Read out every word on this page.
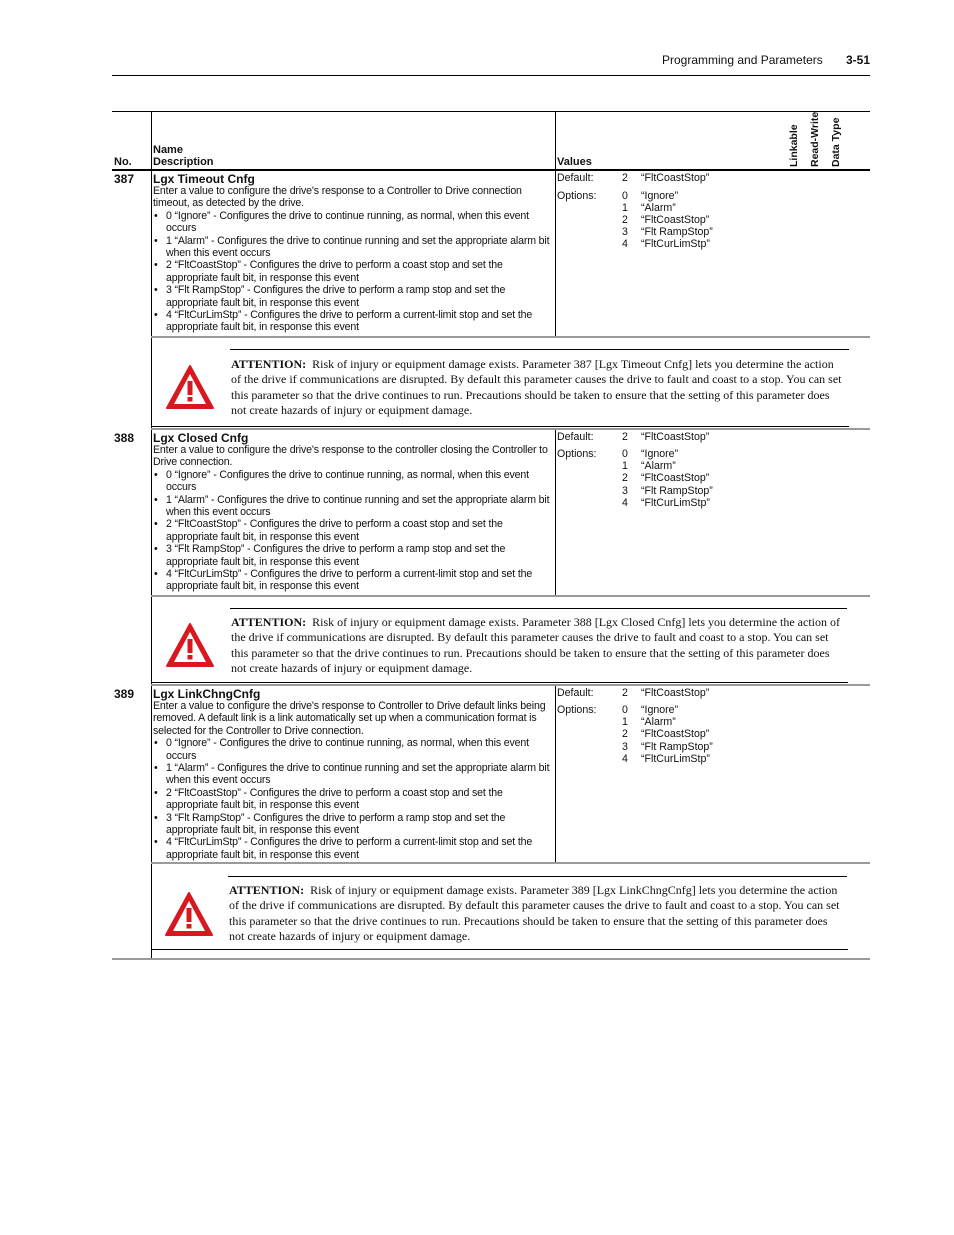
Programming and Parameters 3-51
No.
Name
Description	Values	Linkable Read-Write Data Type
387 Lgx Timeout Cnfg

Enter a value to configure the drive's response to a Controller to Drive connection timeout, as detected by the drive.

• 0 “Ignore” - Configures the drive to continue running, as normal, when this event occurs
• 1 “Alarm” - Configures the drive to continue running and set the appropriate alarm bit when this event occurs
• 2 “FltCoastStop” - Configures the drive to perform a coast stop and set the appropriate fault bit, in response this event
• 3 “Flt RampStop” - Configures the drive to perform a ramp stop and set the appropriate fault bit, in response this event
• 4 “FltCurLimStp” - Configures the drive to perform a current-limit stop and set the appropriate fault bit, in response this event
Default:	2 “FltCoastStop”
Options: 0 “Ignore”
1 “Alarm”
2 “FltCoastStop”
3 “Flt RampStop”
4 “FltCurLimStp”
ATTENTION: Risk of injury or equipment damage exists. Parameter 387 [Lgx Timeout Cnfg] lets you determine the action of the drive if communications are disrupted. By default this parameter causes the drive to fault and coast to a stop. You can set this parameter so that the drive continues to run. Precautions should be taken to ensure that the setting of this parameter does not create hazards of injury or equipment damage.
388 Lgx Closed Cnfg

Enter a value to configure the drive's response to the controller closing the Controller to Drive connection.

• 0 “Ignore” - Configures the drive to continue running, as normal, when this event occurs
• 1 “Alarm” - Configures the drive to continue running and set the appropriate alarm bit when this event occurs
• 2 “FltCoastStop” - Configures the drive to perform a coast stop and set the appropriate fault bit, in response this event
• 3 “Flt RampStop” - Configures the drive to perform a ramp stop and set the appropriate fault bit, in response this event
• 4 “FltCurLimStp” - Configures the drive to perform a current-limit stop and set the appropriate fault bit, in response this event
Default:	2 “FltCoastStop”
Options: 0 “Ignore”
1 “Alarm”
2 “FltCoastStop”
3 “Flt RampStop”
4 “FltCurLimStp”
ATTENTION: Risk of injury or equipment damage exists. Parameter 388 [Lgx Closed Cnfg] lets you determine the action of the drive if communications are disrupted. By default this parameter causes the drive to fault and coast to a stop. You can set this parameter so that the drive continues to run. Precautions should be taken to ensure that the setting of this parameter does not create hazards of injury or equipment damage.
389 Lgx LinkChngCnfg

Enter a value to configure the drive's response to Controller to Drive default links being removed. A default link is a link automatically set up when a communication format is selected for the Controller to Drive connection.

• 0 “Ignore” - Configures the drive to continue running, as normal, when this event occurs
• 1 “Alarm” - Configures the drive to continue running and set the appropriate alarm bit when this event occurs
• 2 “FltCoastStop” - Configures the drive to perform a coast stop and set the appropriate fault bit, in response this event
• 3 “Flt RampStop” - Configures the drive to perform a ramp stop and set the appropriate fault bit, in response this event
• 4 “FltCurLimStp” - Configures the drive to perform a current-limit stop and set the appropriate fault bit, in response this event
Default:	2 “FltCoastStop”
Options: 0 “Ignore”
1 “Alarm”
2 “FltCoastStop”
3 “Flt RampStop”
4 “FltCurLimStp”
ATTENTION: Risk of injury or equipment damage exists. Parameter 389 [Lgx LinkChngCnfg] lets you determine the action of the drive if communications are disrupted. By default this parameter causes the drive to fault and coast to a stop. You can set this parameter so that the drive continues to run. Precautions should be taken to ensure that the setting of this parameter does not create hazards of injury or equipment damage.
